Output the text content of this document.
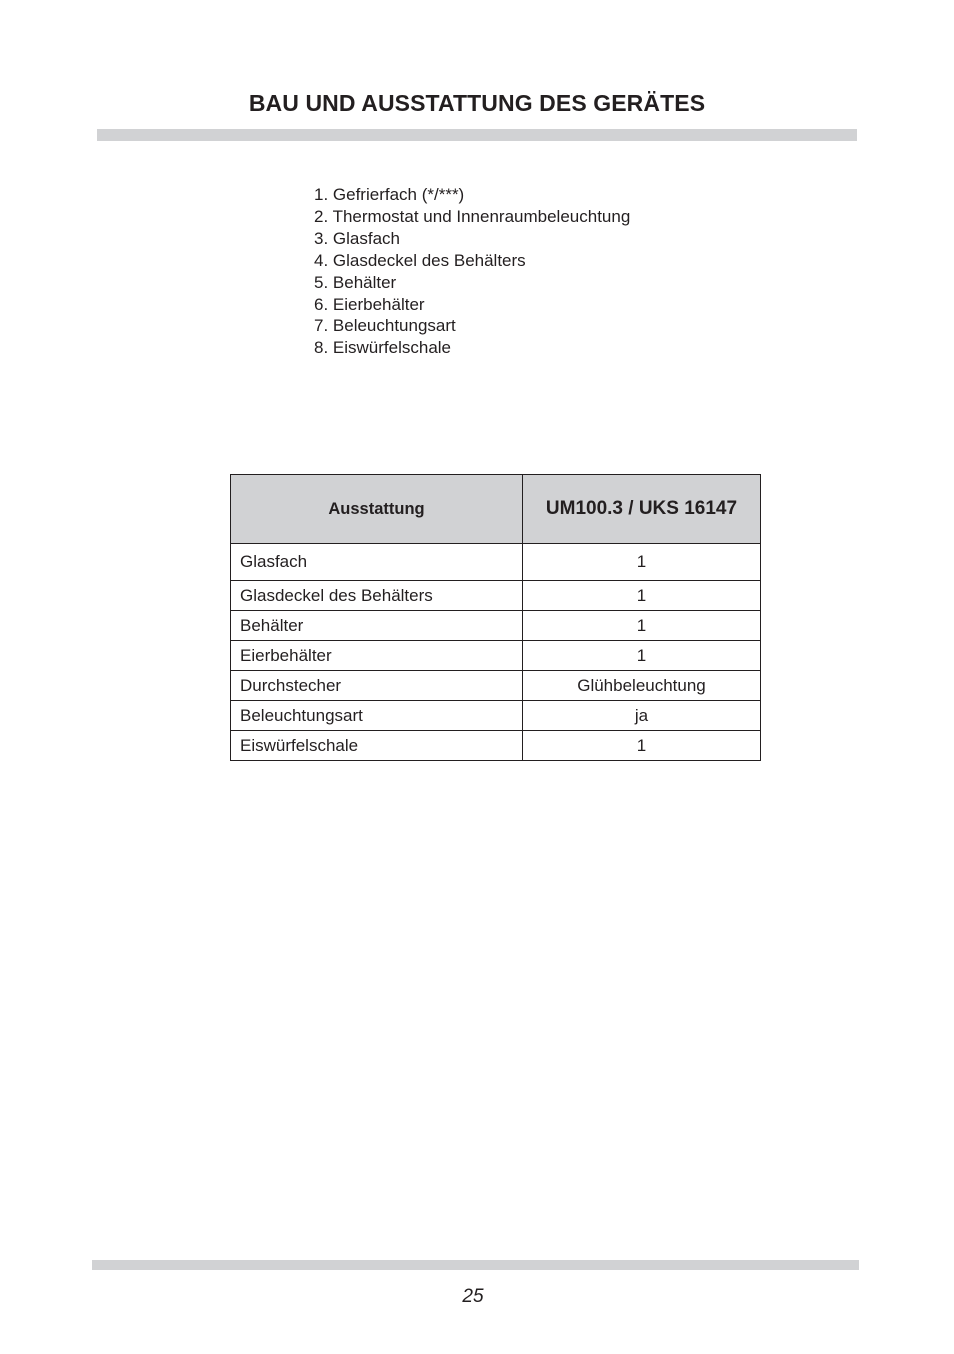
BAU UND AUSSTATTUNG DES GERÄTES
1. Gefrierfach (*/***)
2. Thermostat und Innenraumbeleuchtung
3. Glasfach
4. Glasdeckel des Behälters
5. Behälter
6. Eierbehälter
7. Beleuchtungsart
8. Eiswürfelschale
Ausstattung	UM100.3 / UKS 16147
Glasfach	1
Glasdeckel des Behälters	1
Behälter	1
Eierbehälter	1
Durchstecher	Glühbeleuchtung
Beleuchtungsart	ja
Eiswürfelschale	1
25
